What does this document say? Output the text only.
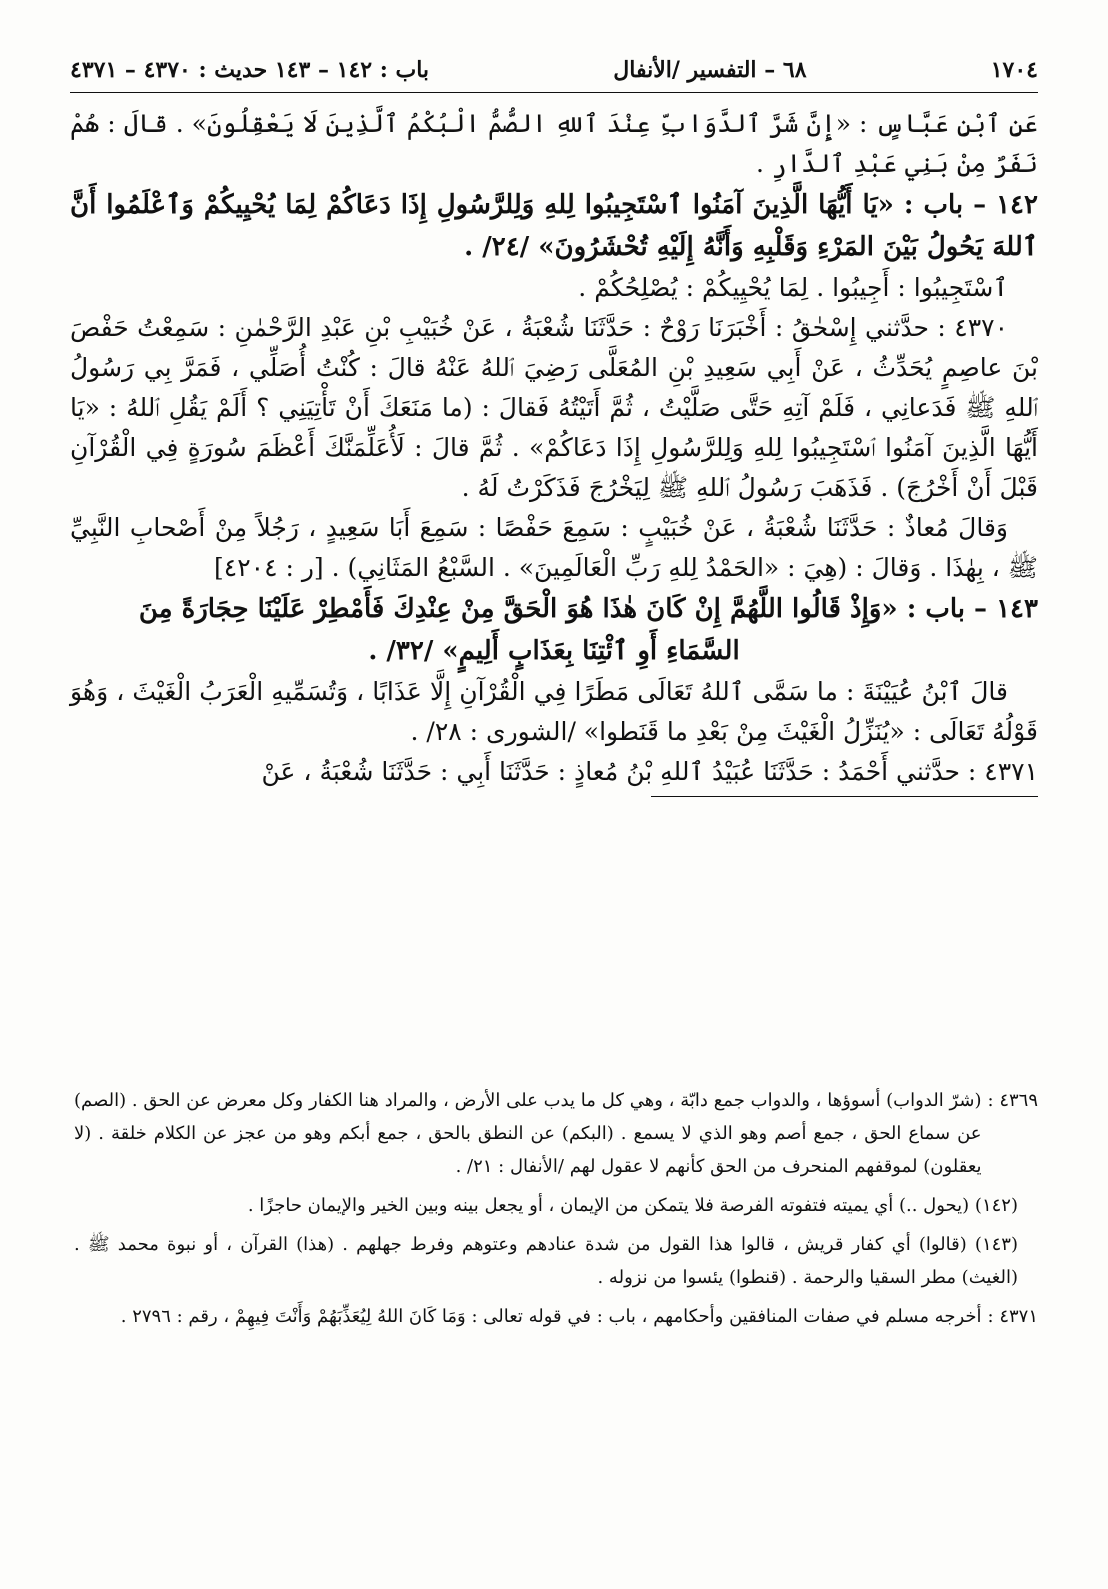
١٧٠٤
٦٨ – التفسير /الأنفال
باب : ١٤٢ – ١٤٣ حديث : ٤٣٧٠ – ٤٣٧١

عَنِ ٱبْنِ عَبَّاسٍ : «إِنَّ شَرَّ ٱلدَّوَابِّ عِنْدَ ٱللهِ الصُّمُّ الْبُكْمُ ٱلَّذِينَ لَا يَعْقِلُونَ» . قالَ : هُمْ نَفَرٌ مِنْ بَنِي عَبْدِ ٱلدَّارِ .

١٤٢ – باب : «يَا أَيُّهَا الَّذِينَ آمَنُوا ٱسْتَجِيبُوا لِلهِ وَلِلرَّسُولِ إِذَا دَعَاكُمْ لِمَا يُحْيِيكُمْ وَٱعْلَمُوا أَنَّ ٱللهَ يَحُولُ بَيْنَ المَرْءِ وَقَلْبِهِ وَأَنَّهُ إِلَيْهِ تُحْشَرُونَ» /٢٤/ .

ٱسْتَجِيبُوا : أَجِيبُوا . لِمَا يُحْيِيكُمْ : يُصْلِحُكُمْ .

٤٣٧٠ : حدَّثني إِسْحٰقُ : أَخْبَرَنَا رَوْحٌ : حَدَّثَنَا شُعْبَةُ ، عَنْ خُبَيْبِ بْنِ عَبْدِ الرَّحْمٰنِ : سَمِعْتُ حَفْصَ بْنَ عاصِمٍ يُحَدِّثُ ، عَنْ أَبِي سَعِيدِ بْنِ المُعَلَّى رَضِيَ ٱللهُ عَنْهُ قالَ : كُنْتُ أُصَلِّي ، فَمَرَّ بِي رَسُولُ ٱللهِ ﷺ فَدَعانِي ، فَلَمْ آتِهِ حَتَّى صَلَّيْتُ ، ثُمَّ أَتَيْتُهُ فَقالَ : (ما مَنَعَكَ أَنْ تَأْتِيَنِي ؟ أَلَمْ يَقُلِ ٱللهُ : «يَا أَيُّهَا الَّذِينَ آمَنُوا ٱسْتَجِيبُوا لِلهِ وَلِلرَّسُولِ إِذَا دَعَاكُمْ» . ثُمَّ قالَ : لَأُعَلِّمَنَّكَ أَعْظَمَ سُورَةٍ فِي الْقُرْآنِ قَبْلَ أَنْ أَخْرُجَ) . فَذَهَبَ رَسُولُ ٱللهِ ﷺ لِيَخْرُجَ فَذَكَرْتُ لَهُ .

وَقالَ مُعاذٌ : حَدَّثَنَا شُعْبَةُ ، عَنْ خُبَيْبٍ : سَمِعَ حَفْصًا : سَمِعَ أَبَا سَعِيدٍ ، رَجُلاً مِنْ أَصْحابِ النَّبِيِّ ﷺ ، بِهٰذَا . وَقالَ : (هِيَ : «الحَمْدُ لِلهِ رَبِّ الْعَالَمِينَ» . السَّبْعُ المَثَانِي) . [ر : ٤٢٠٤]

١٤٣ – باب : «وَإِذْ قَالُوا اللَّهُمَّ إِنْ كَانَ هٰذَا هُوَ الْحَقَّ مِنْ عِنْدِكَ فَأَمْطِرْ عَلَيْنَا حِجَارَةً مِنَ

السَّمَاءِ أَوِ ٱئْتِنَا بِعَذَابٍ أَلِيمٍ» /٣٢/ .

قالَ ٱبْنُ عُيَيْنَةَ : ما سَمَّى ٱللهُ تَعَالَى مَطَرًا فِي الْقُرْآنِ إِلَّا عَذَابًا ، وَتُسَمِّيهِ الْعَرَبُ الْغَيْثَ ، وَهُوَ قَوْلُهُ تَعَالَى : «يُنَزِّلُ الْغَيْثَ مِنْ بَعْدِ ما قَنَطوا» /الشورى : ٢٨/ .

٤٣٧١ : حدَّثني أَحْمَدُ : حَدَّثَنَا عُبَيْدُ ٱللهِ بْنُ مُعاذٍ : حَدَّثَنَا أَبِي : حَدَّثَنَا شُعْبَةُ ، عَنْ

٤٣٦٩ :
(شرّ الدواب) أسوؤها ، والدواب جمع دابّة ، وهي كل ما يدب على الأرض ، والمراد هنا الكفار وكل معرض عن الحق . (الصم) عن سماع الحق ، جمع أصم وهو الذي لا يسمع . (البكم) عن النطق بالحق ، جمع أبكم وهو من عجز عن الكلام خلقة . (لا يعقلون) لموقفهم المنحرف من الحق كأنهم لا عقول لهم /الأنفال : ٢١/ .
(١٤٢) (يحول ..) أي يميته فتفوته الفرصة فلا يتمكن من الإيمان ، أو يجعل بينه وبين الخير والإيمان حاجزًا .
(١٤٣) (قالوا) أي كفار قريش ، قالوا هذا القول من شدة عنادهم وعتوهم وفرط جهلهم . (هذا) القرآن ، أو نبوة محمد ﷺ . (الغيث) مطر السقيا والرحمة . (قنطوا) يئسوا من نزوله .
٤٣٧١ :
أخرجه مسلم في صفات المنافقين وأحكامهم ، باب : في قوله تعالى : وَمَا كَانَ اللهُ لِيُعَذِّبَهُمْ وَأَنْتَ فِيهِمْ ، رقم : ٢٧٩٦ .
